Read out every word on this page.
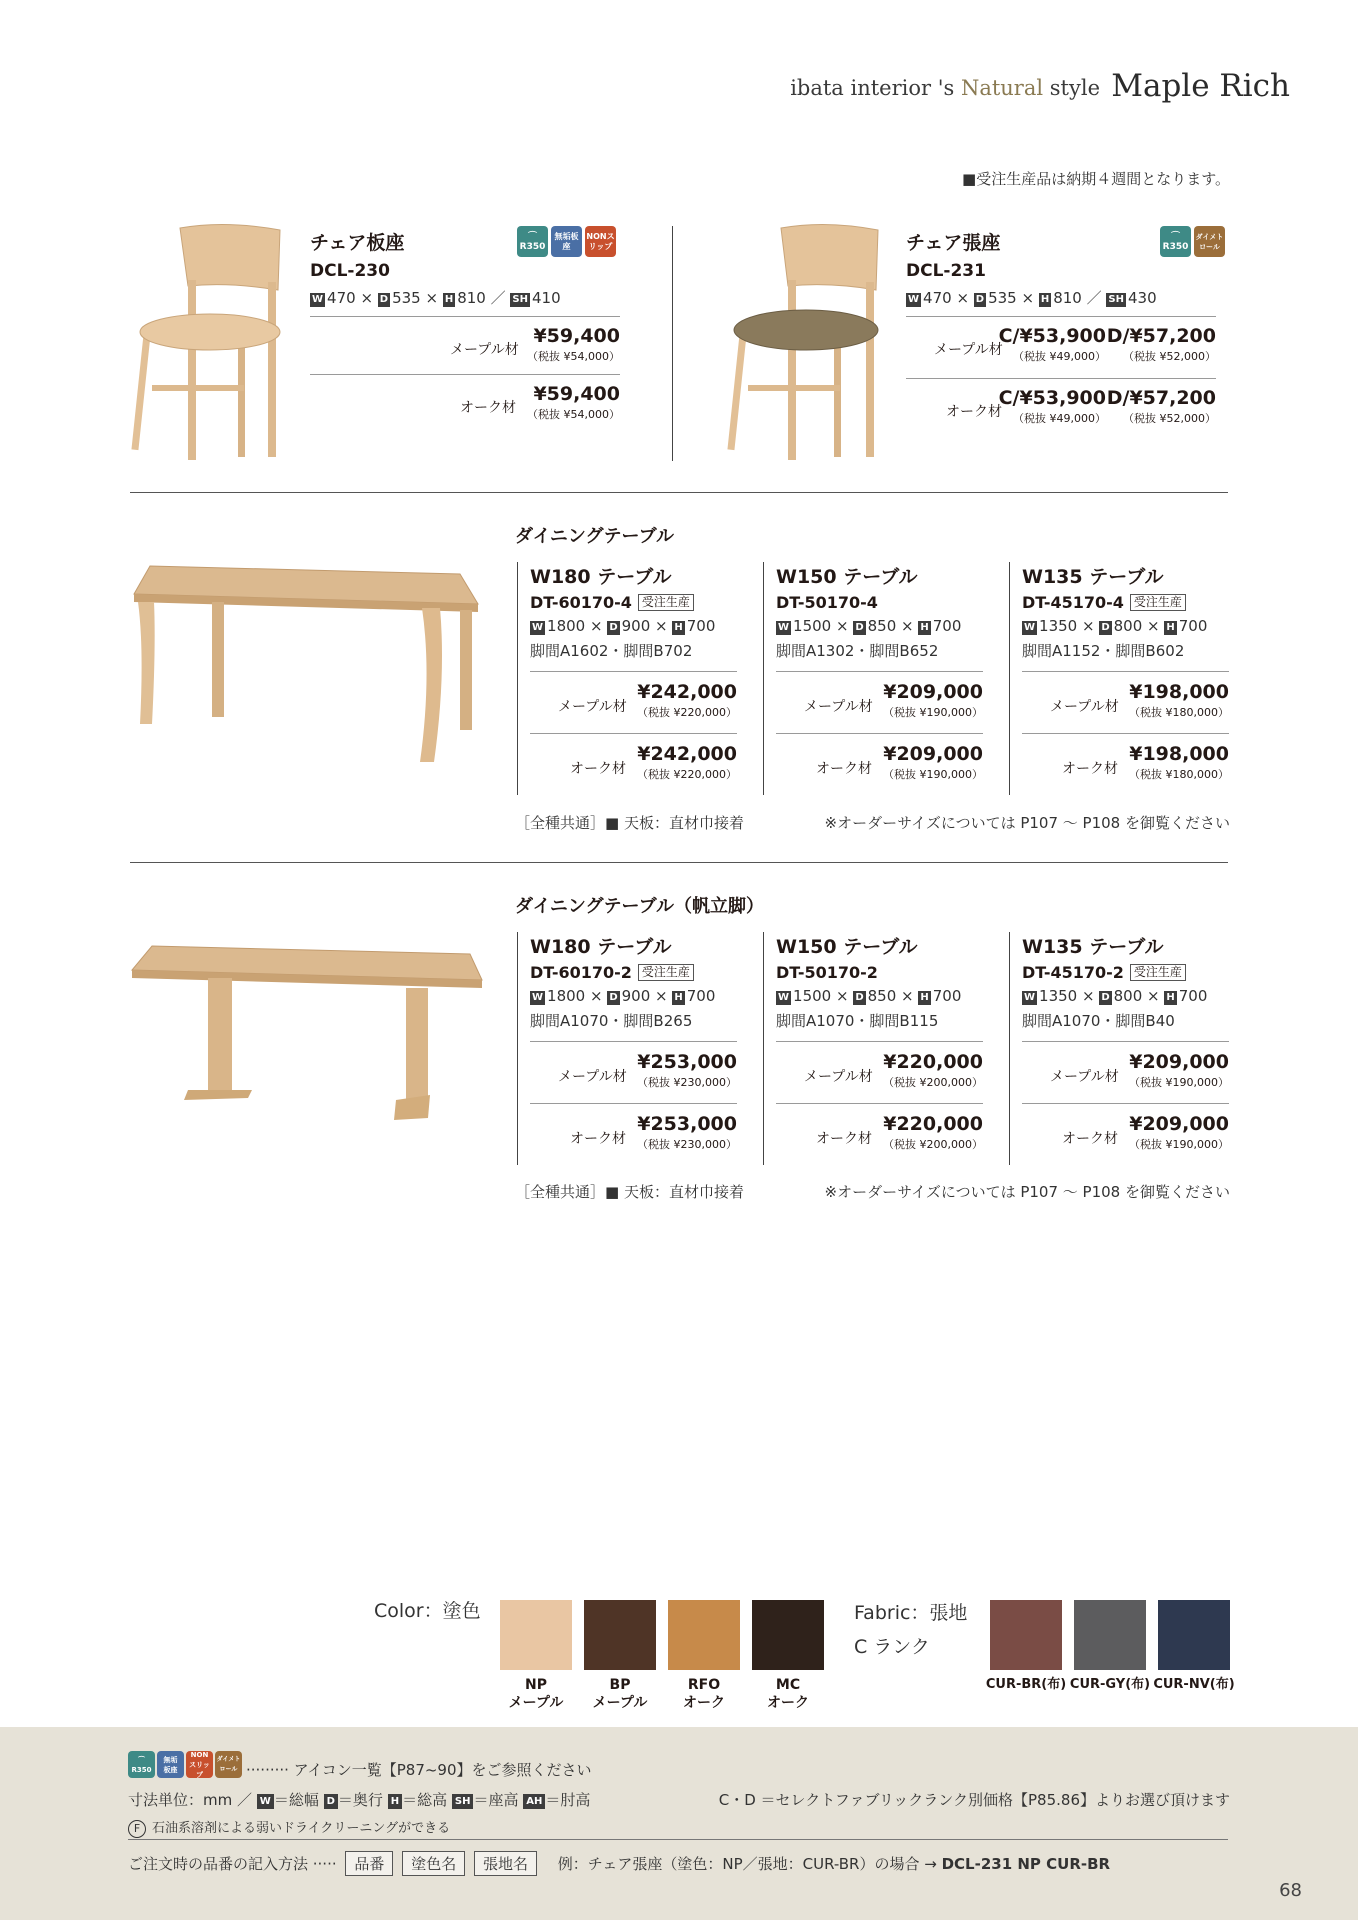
ibata interior 's Natural style Maple Rich
■受注生産品は納期４週間となります。
チェア板座
DCL-230
W 470 × D 535 × H 810 ／ SH 410
メープル材
¥59,400
（税抜 ¥54,000）
オーク材
¥59,400
（税抜 ¥54,000）
⌒
R350
無垢板座
NONスリップ	チェア張座
DCL-231
W 470 × D 535 × H 810 ／ SH 430
メープル材
C/¥53,900
（税抜 ¥49,000）
D/¥57,200
（税抜 ¥52,000）
オーク材
C/¥53,900
（税抜 ¥49,000）
D/¥57,200
（税抜 ¥52,000）
⌒
R350
ダイメトロール
ダイニングテーブル
W180 テーブル
DT-60170-4 受注生産
W 1800 × D 900 × H 700
脚間A1602・脚間B702
メープル材
¥242,000
（税抜 ¥220,000）
オーク材
¥242,000
（税抜 ¥220,000）
W150 テーブル
DT-50170-4
W 1500 × D 850 × H 700
脚間A1302・脚間B652
メープル材
¥209,000
（税抜 ¥190,000）
オーク材
¥209,000
（税抜 ¥190,000）
W135 テーブル
DT-45170-4 受注生産
W 1350 × D 800 × H 700
脚間A1152・脚間B602
メープル材
¥198,000
（税抜 ¥180,000）
オーク材
¥198,000
（税抜 ¥180,000）
［全種共通］■ 天板：直材巾接着	※オーダーサイズについては P107 〜 P108 を御覧ください
ダイニングテーブル（帆立脚）
W180 テーブル
DT-60170-2 受注生産
W 1800 × D 900 × H 700
脚間A1070・脚間B265
メープル材
¥253,000
（税抜 ¥230,000）
オーク材
¥253,000
（税抜 ¥230,000）
W150 テーブル
DT-50170-2
W 1500 × D 850 × H 700
脚間A1070・脚間B115
メープル材
¥220,000
（税抜 ¥200,000）
オーク材
¥220,000
（税抜 ¥200,000）
W135 テーブル
DT-45170-2 受注生産
W 1350 × D 800 × H 700
脚間A1070・脚間B40
メープル材
¥209,000
（税抜 ¥190,000）
オーク材
¥209,000
（税抜 ¥190,000）
［全種共通］■ 天板：直材巾接着	※オーダーサイズについては P107 〜 P108 を御覧ください
Color：塗色
NP
メープル
BP
メープル
RFO
オーク
MC
オーク
Fabric：張地
C ランク
CUR-BR(布) CUR-GY(布) CUR-NV(布)
⌒
R350
無垢
板座
NON
スリップ
ダイメト
ロール ········· アイコン一覧【P87~90】をご参照ください
寸法単位：mm ／ W ＝総幅 D ＝奥行 H ＝総高 SH ＝座高 AH ＝肘高	C・D ＝セレクトファブリックランク別価格【P85.86】よりお選び頂けます
F 石油系溶剤による弱いドライクリーニングができる
ご注文時の品番の記入方法 ····· 品番 塗色名 張地名 例：チェア張座（塗色：NP／張地：CUR-BR）の場合 → DCL-231 NP CUR-BR
68
